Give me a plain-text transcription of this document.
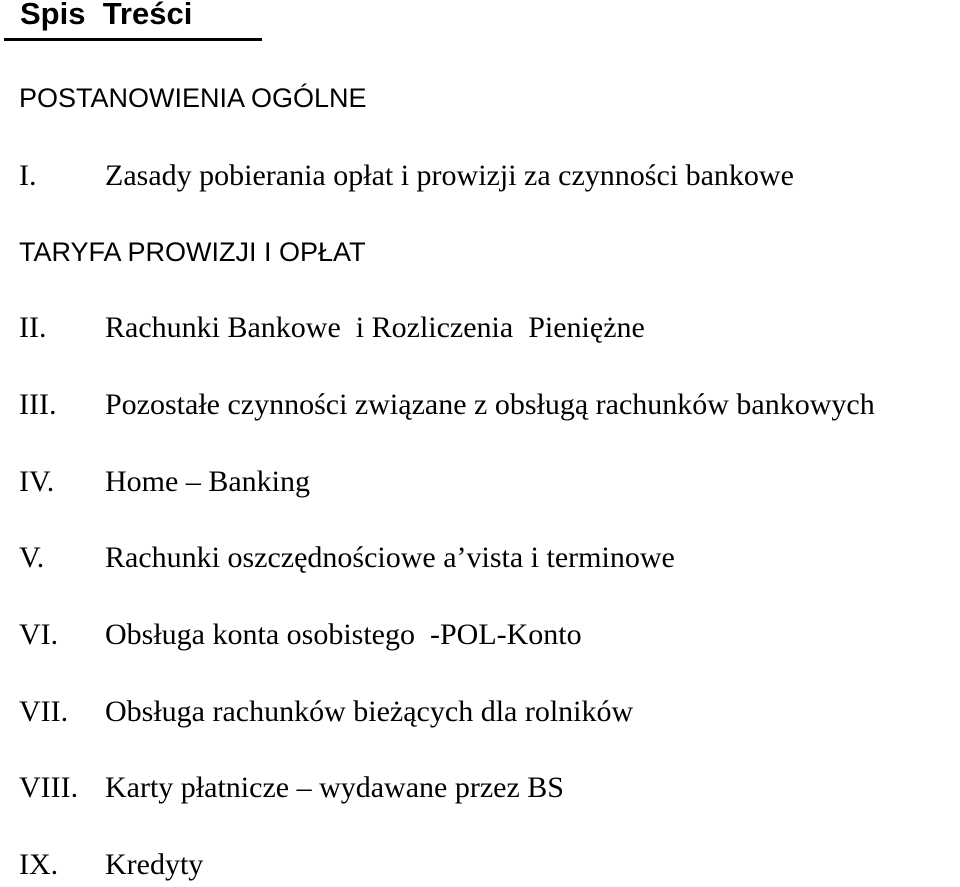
Spis  Treści
POSTANOWIENIA OGÓLNE
I. Zasady pobierania opłat i prowizji za czynności bankowe
TARYFA PROWIZJI I OPŁAT
II. Rachunki Bankowe  i Rozliczenia  Pieniężne
III. Pozostałe czynności związane z obsługą rachunków bankowych
IV. Home – Banking
V. Rachunki oszczędnościowe a’vista i terminowe
VI. Obsługa konta osobistego  -POL-Konto
VII. Obsługa rachunków bieżących dla rolników
VIII. Karty płatnicze – wydawane przez BS
IX. Kredyty
